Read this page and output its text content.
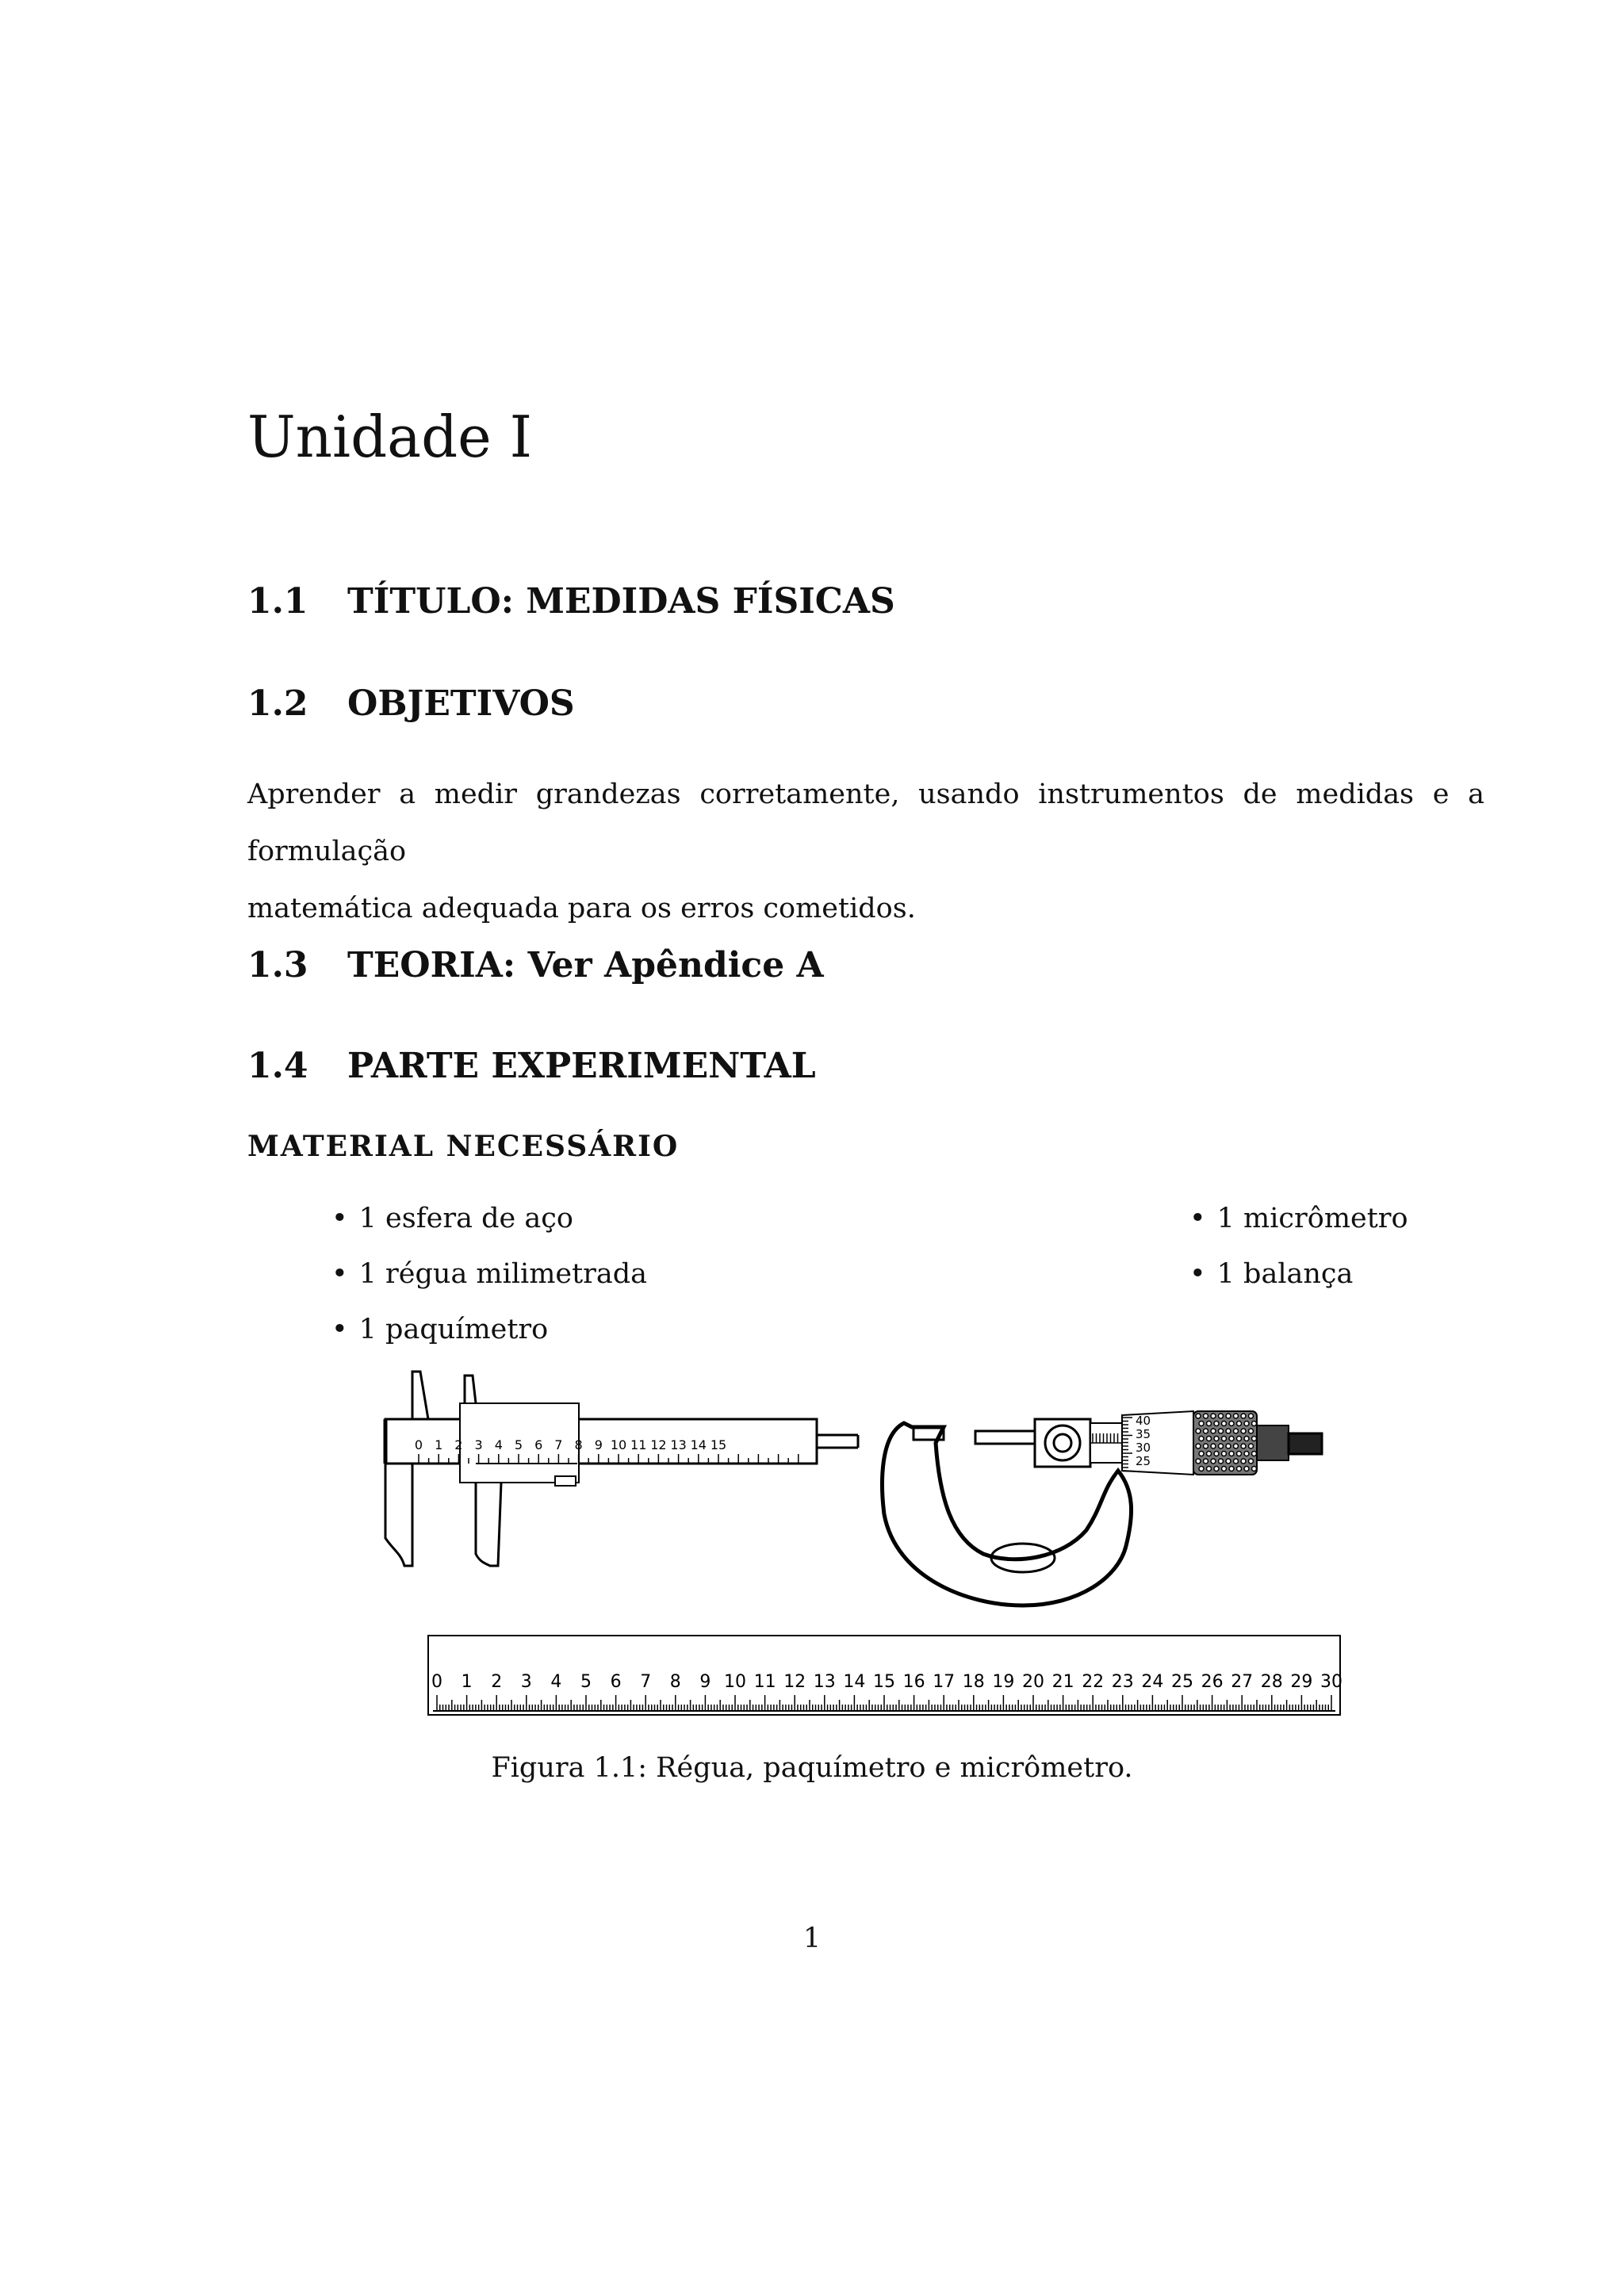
Unidade I
1.1 TÍTULO: MEDIDAS FÍSICAS
1.2 OBJETIVOS
Aprender a medir grandezas corretamente, usando instrumentos de medidas e a formulação
matemática adequada para os erros cometidos.
1.3 TEORIA: Ver Apêndice A
1.4 PARTE EXPERIMENTAL
MATERIAL NECESSÁRIO
• 1 esfera de aço
• 1 régua milimetrada
• 1 paquímetro
• 1 micrômetro
• 1 balança
0 1 2 3 4 5 6 7 8 9 10 11 12 13 14 15
40
35
30
25
0 1 2 3 4 5 6 7 8 9 10 11 12 13 14 15 16 17 18 19 20 21 22 23 24 25 26 27 28 29 30
Figura 1.1: Régua, paquímetro e micrômetro.
1
